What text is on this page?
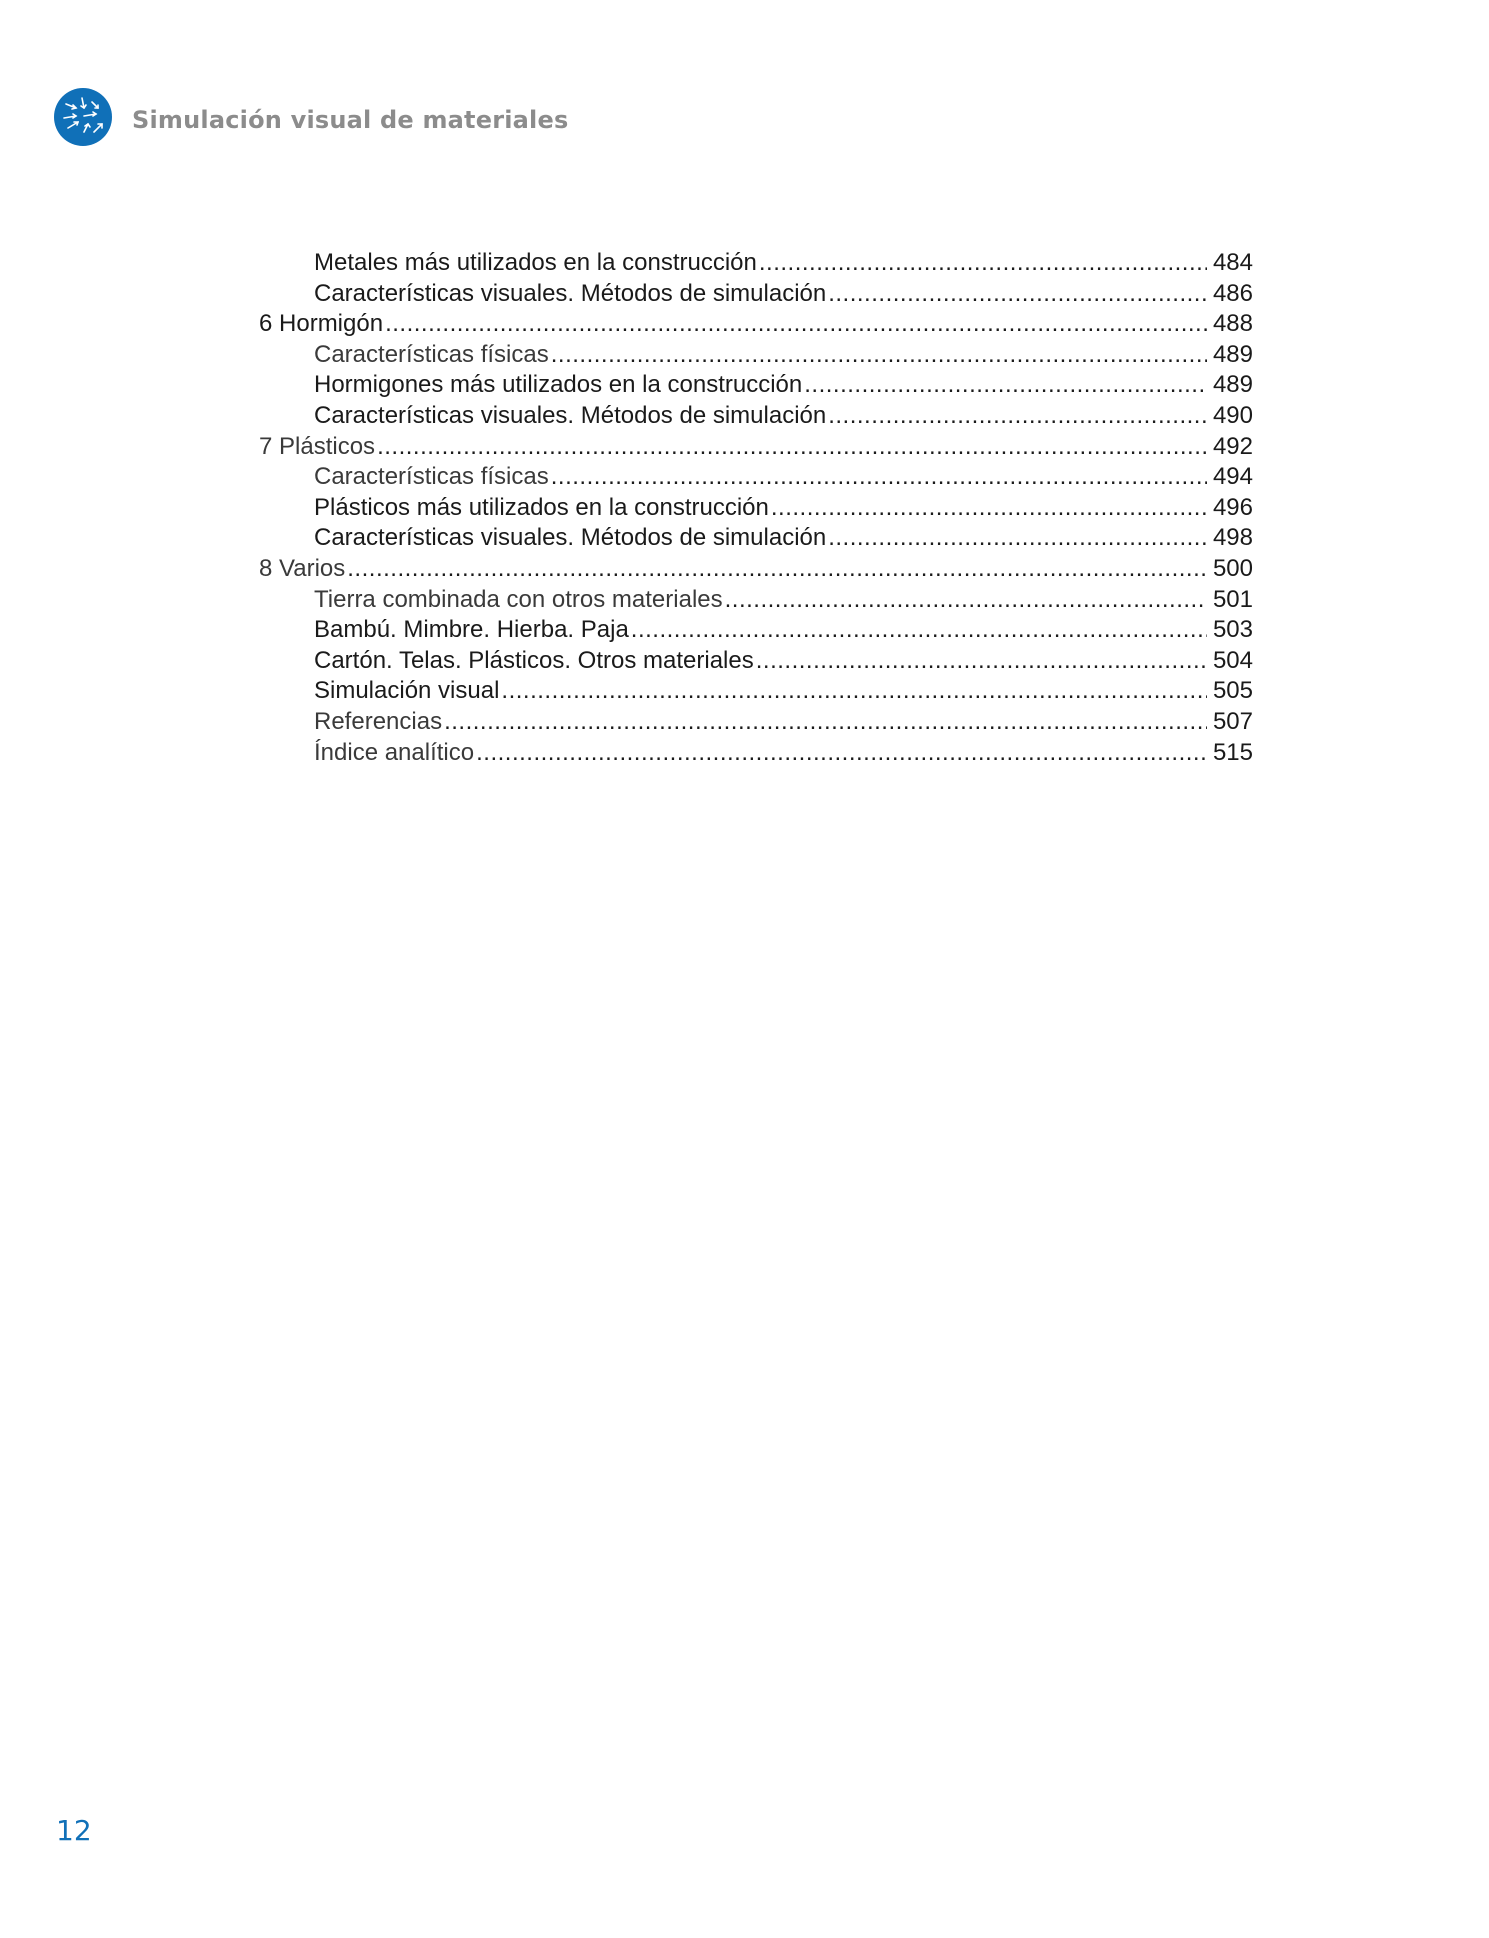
Simulación visual de materiales
Metales más utilizados en la construcción .....	484
Características visuales. Métodos de simulación .....	486
6 Hormigón .....	488
Características físicas .....	489
Hormigones más utilizados en la construcción .....	489
Características visuales. Métodos de simulación .....	490
7 Plásticos .....	492
Características físicas .....	494
Plásticos más utilizados en la construcción .....	496
Características visuales. Métodos de simulación .....	498
8 Varios .....	500
Tierra combinada con otros materiales .....	501
Bambú. Mimbre. Hierba. Paja .....	503
Cartón. Telas. Plásticos. Otros materiales .....	504
Simulación visual .....	505
Referencias .....	507
Índice analítico .....	515
12
